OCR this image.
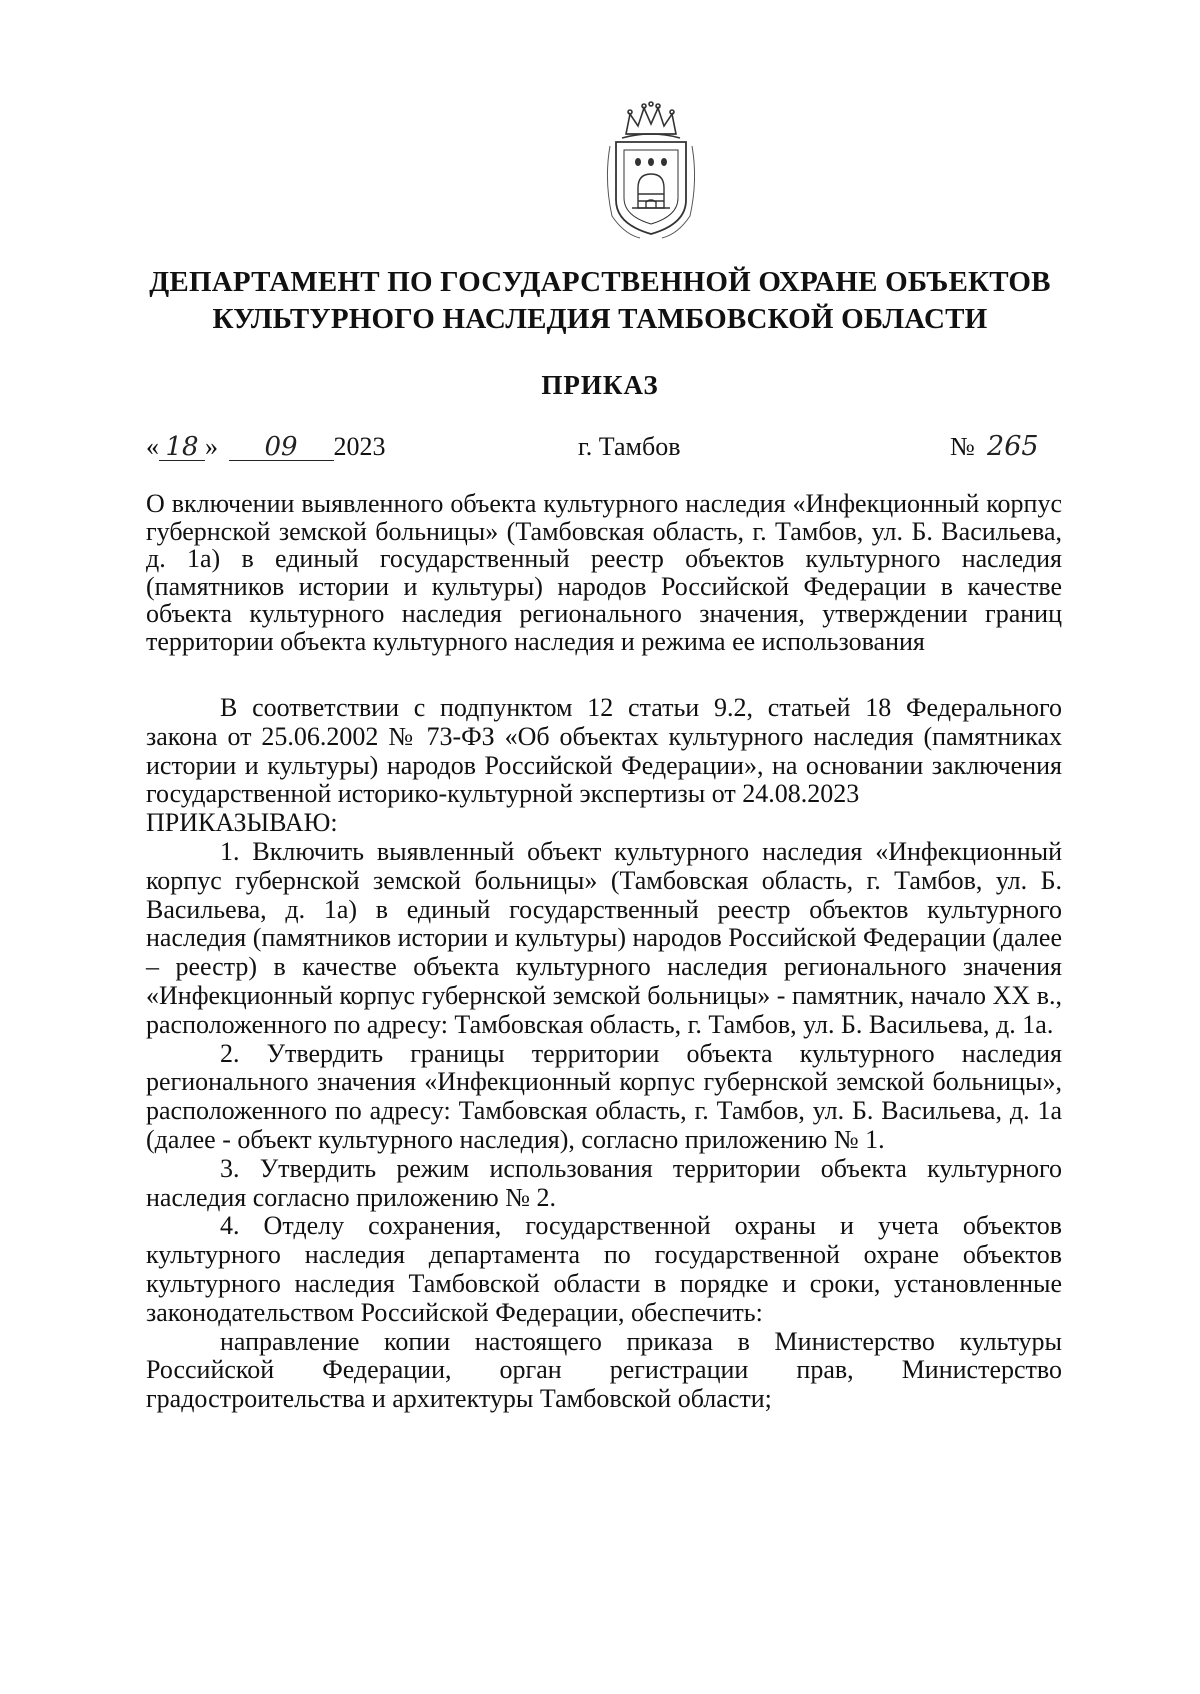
ДЕПАРТАМЕНТ ПО ГОСУДАРСТВЕННОЙ ОХРАНЕ ОБЪЕКТОВ КУЛЬТУРНОГО НАСЛЕДИЯ ТАМБОВСКОЙ ОБЛАСТИ
ПРИКАЗ
« 18 » 09 2023	г. Тамбов	№ 265
О включении выявленного объекта культурного наследия «Инфекционный корпус губернской земской больницы» (Тамбовская область, г. Тамбов, ул. Б. Васильева, д. 1а) в единый государственный реестр объектов культурного наследия (памятников истории и культуры) народов Российской Федерации в качестве объекта культурного наследия регионального значения, утверждении границ территории объекта культурного наследия и режима ее использования

В соответствии с подпунктом 12 статьи 9.2, статьей 18 Федерального закона от 25.06.2002 № 73-ФЗ «Об объектах культурного наследия (памятниках истории и культуры) народов Российской Федерации», на основании заключения государственной историко-культурной экспертизы от 24.08.2023

ПРИКАЗЫВАЮ:

1. Включить выявленный объект культурного наследия «Инфекционный корпус губернской земской больницы» (Тамбовская область, г. Тамбов, ул. Б. Васильева, д. 1а) в единый государственный реестр объектов культурного наследия (памятников истории и культуры) народов Российской Федерации (далее – реестр) в качестве объекта культурного наследия регионального значения «Инфекционный корпус губернской земской больницы» - памятник, начало XX в., расположенного по адресу: Тамбовская область, г. Тамбов, ул. Б. Васильева, д. 1а.

2. Утвердить границы территории объекта культурного наследия регионального значения «Инфекционный корпус губернской земской больницы», расположенного по адресу: Тамбовская область, г. Тамбов, ул. Б. Васильева, д. 1а (далее - объект культурного наследия), согласно приложению № 1.

3. Утвердить режим использования территории объекта культурного наследия согласно приложению № 2.

4. Отделу сохранения, государственной охраны и учета объектов культурного наследия департамента по государственной охране объектов культурного наследия Тамбовской области в порядке и сроки, установленные законодательством Российской Федерации, обеспечить:

направление копии настоящего приказа в Министерство культуры Российской Федерации, орган регистрации прав, Министерство градостроительства и архитектуры Тамбовской области;
